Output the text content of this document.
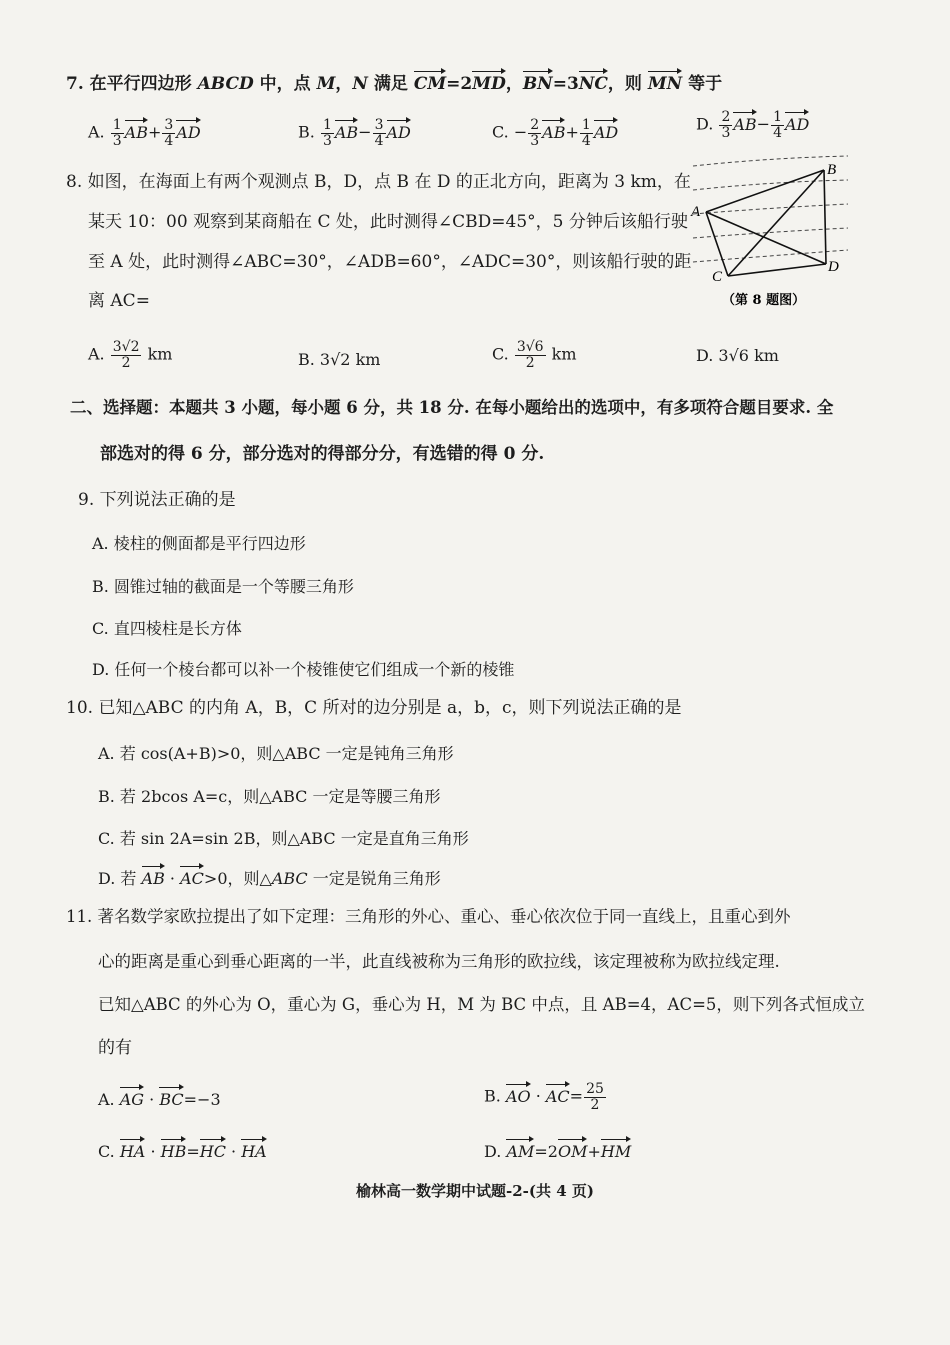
7. 在平行四边形 ABCD 中，点 M，N 满足 CM=2MD，BN=3NC，则 MN 等于
A. $\frac{1}{3} AB+ \frac{3}{4}$ AD	B. $\frac{1}{3} AB- \frac{3}{4}$ AD	C. − $\frac{2}{3} AB+ \frac{1}{4}$ AD	D. $\frac{2}{3} AB- \frac{1}{4}$ AD
8. 如图，在海面上有两个观测点 B，D，点 B 在 D 的正北方向，距离为 3 km，在
某天 10：00 观察到某商船在 C 处，此时测得∠CBD=45°，5 分钟后该船行驶
至 A 处，此时测得∠ABC=30°，∠ADB=60°，∠ADC=30°，则该船行驶的距
离 AC=
A
B
C
D
（第 8 题图）
A. $\frac{3√2}{2}$ km	B. 3√2 km	C. $\frac{3√6}{2}$ km	D. 3√6 km
二、选择题：本题共 3 小题，每小题 6 分，共 18 分. 在每小题给出的选项中，有多项符合题目要求. 全
部选对的得 6 分，部分选对的得部分分，有选错的得 0 分.
9. 下列说法正确的是
A. 棱柱的侧面都是平行四边形
B. 圆锥过轴的截面是一个等腰三角形
C. 直四棱柱是长方体
D. 任何一个棱台都可以补一个棱锥使它们组成一个新的棱锥
10. 已知△ABC 的内角 A，B，C 所对的边分别是 a，b，c，则下列说法正确的是
A. 若 cos(A+B)>0，则△ABC 一定是钝角三角形
B. 若 2bcos A=c，则△ABC 一定是等腰三角形
C. 若 sin 2A=sin 2B，则△ABC 一定是直角三角形
D. 若 AB · AC>0，则△ABC 一定是锐角三角形
11. 著名数学家欧拉提出了如下定理：三角形的外心、重心、垂心依次位于同一直线上，且重心到外
心的距离是重心到垂心距离的一半，此直线被称为三角形的欧拉线，该定理被称为欧拉线定理.
已知△ABC 的外心为 O，重心为 G，垂心为 H，M 为 BC 中点，且 AB=4，AC=5，则下列各式恒成立
的有
A. AG · BC=−3	B. AO · $AC= \frac{25}{2}$
C. HA · HB=HC · HA	D. AM=2OM+HM
榆林高一数学期中试题-2-(共 4 页)
